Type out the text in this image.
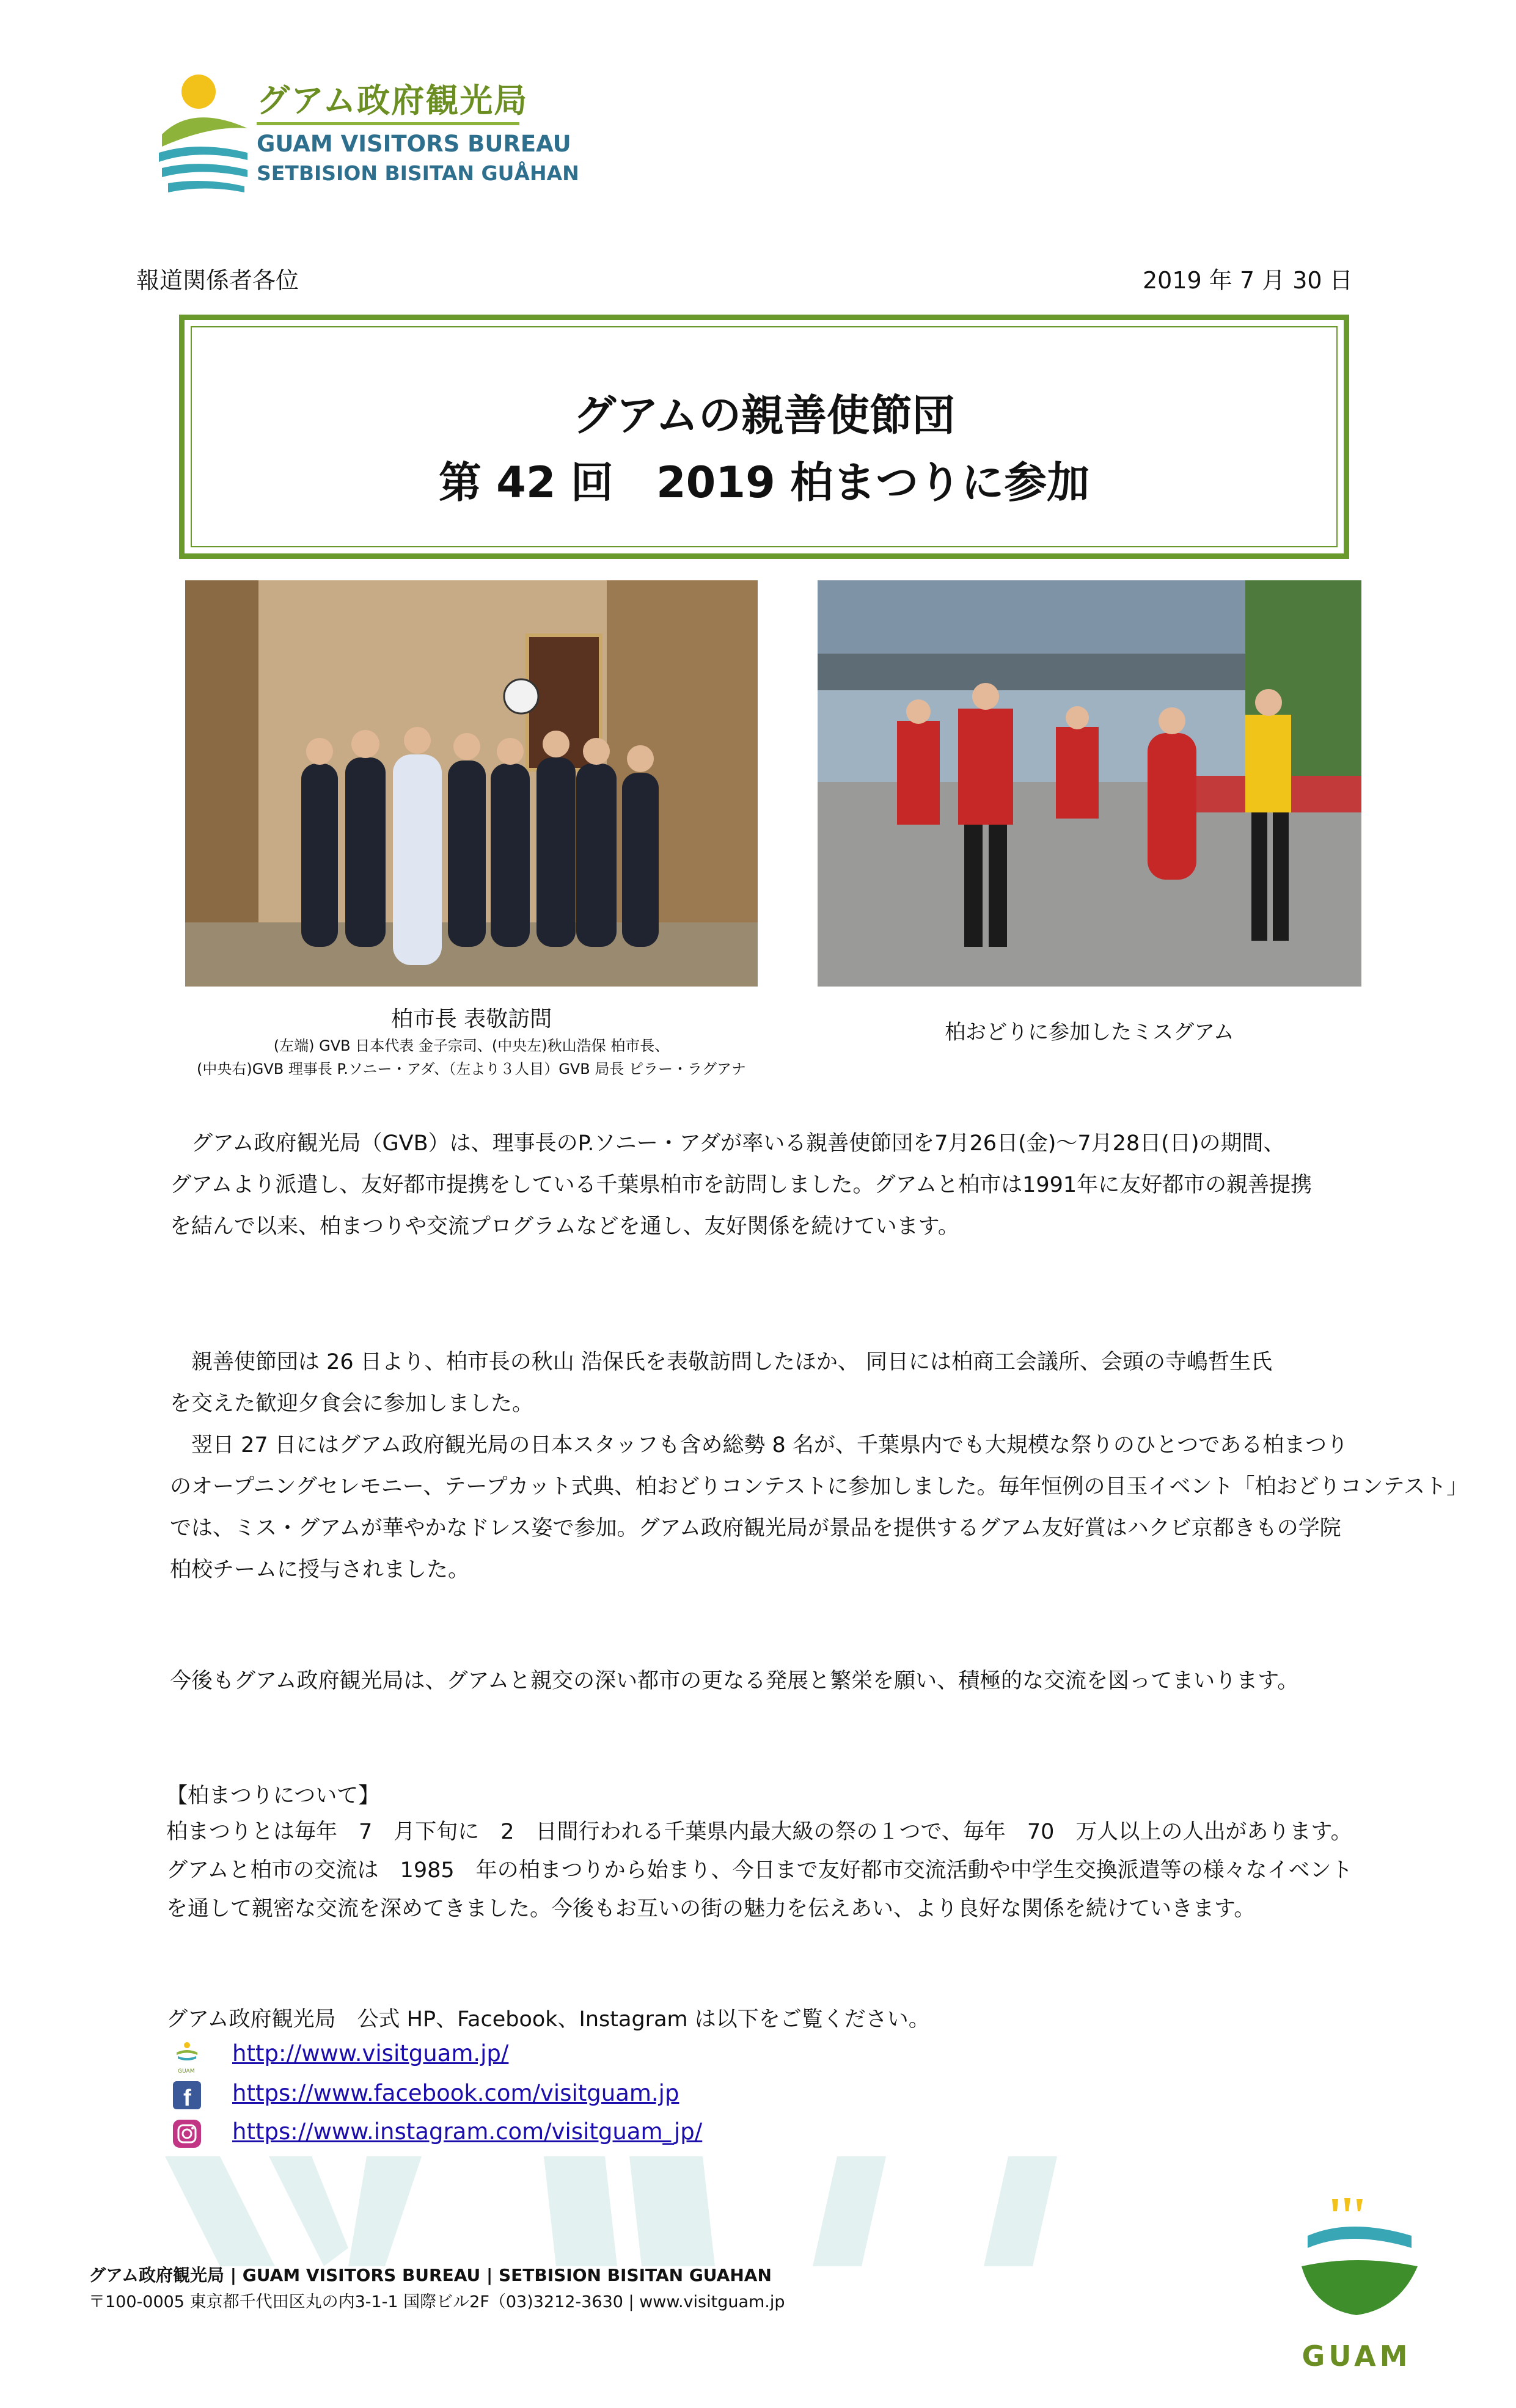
グアム政府観光局
GUAM VISITORS BUREAU
SETBISION BISITAN GUÅHAN
報道関係者各位	2019 年 7 月 30 日
グアムの親善使節団
第 42 回　2019 柏まつりに参加
柏市長 表敬訪問
(左端) GVB 日本代表 金子宗司、(中央左)秋山浩保 柏市長、
(中央右)GVB 理事長 P.ソニー・アダ、（左より３人目）GVB 局長 ピラー・ラグアナ
柏おどりに参加したミスグアム

　グアム政府観光局（GVB）は、理事長のP.ソニー・アダが率いる親善使節団を7月26日(金)～7月28日(日)の期間、

グアムより派遣し、友好都市提携をしている千葉県柏市を訪問しました。グアムと柏市は1991年に友好都市の親善提携

を結んで以来、柏まつりや交流プログラムなどを通し、友好関係を続けています。

　親善使節団は 26 日より、柏市長の秋山 浩保氏を表敬訪問したほか、 同日には柏商工会議所、会頭の寺嶋哲生氏

を交えた歓迎夕食会に参加しました。

　翌日 27 日にはグアム政府観光局の日本スタッフも含め総勢 8 名が、千葉県内でも大規模な祭りのひとつである柏まつり

のオープニングセレモニー、テープカット式典、柏おどりコンテストに参加しました。毎年恒例の目玉イベント「柏おどりコンテスト」

では、ミス・グアムが華やかなドレス姿で参加。グアム政府観光局が景品を提供するグアム友好賞はハクビ京都きもの学院

柏校チームに授与されました。

今後もグアム政府観光局は、グアムと親交の深い都市の更なる発展と繁栄を願い、積極的な交流を図ってまいります。
【柏まつりについて】

柏まつりとは毎年　7　月下旬に　2　日間行われる千葉県内最大級の祭の１つで、毎年　70　万人以上の人出があります。

グアムと柏市の交流は　1985　年の柏まつりから始まり、今日まで友好都市交流活動や中学生交換派遣等の様々なイベント

を通して親密な交流を深めてきました。今後もお互いの街の魅力を伝えあい、より良好な関係を続けていきます。

グアム政府観光局　公式 HP、Facebook、Instagram は以下をご覧ください。
GUAM
http://www.visitguam.jp/
f https://www.facebook.com/visitguam.jp
https://www.instagram.com/visitguam_jp/
グアム政府観光局 | GUAM VISITORS BUREAU | SETBISION BISITAN GUAHAN
〒100-0005 東京都千代田区丸の内3-1-1 国際ビル2F（03)3212-3630 | www.visitguam.jp
GUAM
